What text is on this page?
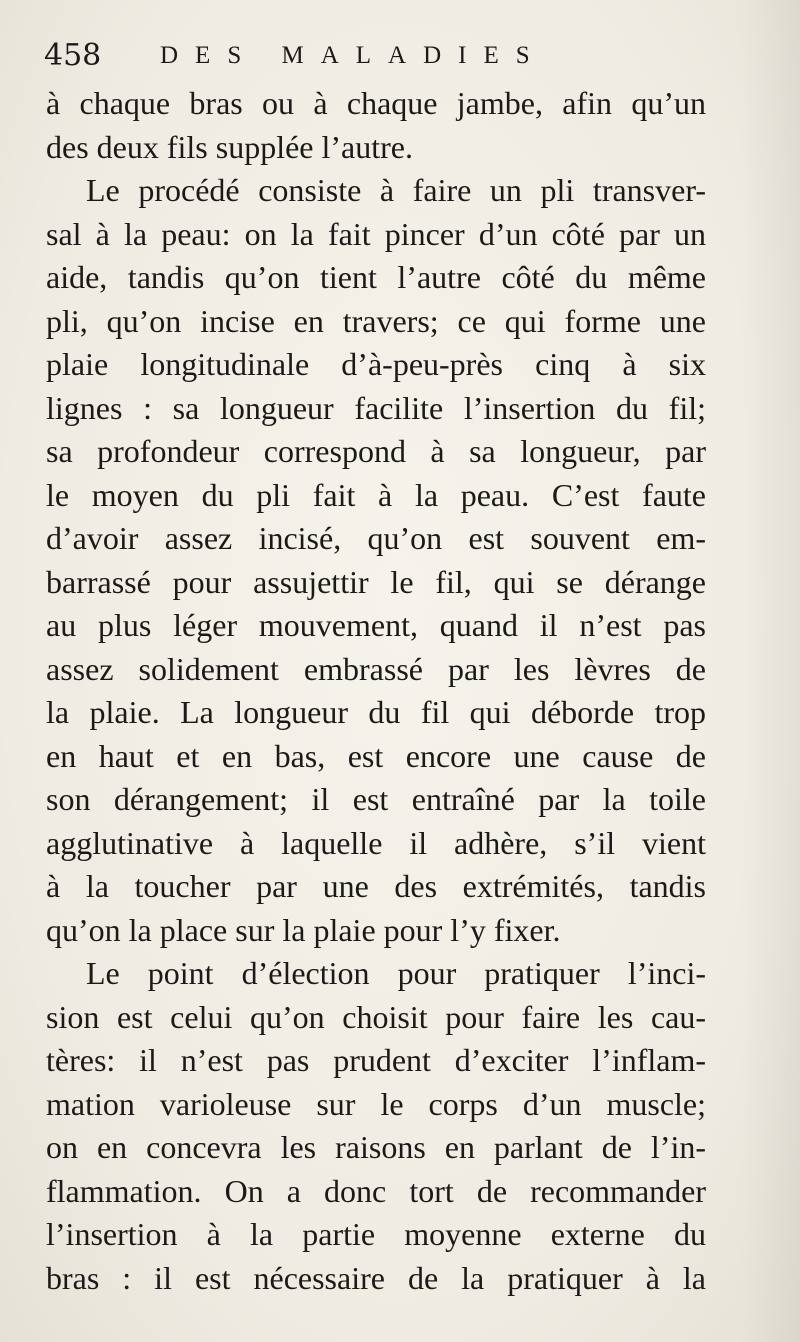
458 DES MALADIES
à chaque bras ou à chaque jambe, afin qu’un
des deux fils supplée l’autre.
Le procédé consiste à faire un pli transver-
sal à la peau: on la fait pincer d’un côté par un
aide, tandis qu’on tient l’autre côté du même
pli, qu’on incise en travers; ce qui forme une
plaie longitudinale d’à-peu-près cinq à six
lignes : sa longueur facilite l’insertion du fil;
sa profondeur correspond à sa longueur, par
le moyen du pli fait à la peau. C’est faute
d’avoir assez incisé, qu’on est souvent em-
barrassé pour assujettir le fil, qui se dérange
au plus léger mouvement, quand il n’est pas
assez solidement embrassé par les lèvres de
la plaie. La longueur du fil qui déborde trop
en haut et en bas, est encore une cause de
son dérangement; il est entraîné par la toile
agglutinative à laquelle il adhère, s’il vient
à la toucher par une des extrémités, tandis
qu’on la place sur la plaie pour l’y fixer.
Le point d’élection pour pratiquer l’inci-
sion est celui qu’on choisit pour faire les cau-
tères: il n’est pas prudent d’exciter l’inflam-
mation varioleuse sur le corps d’un muscle;
on en concevra les raisons en parlant de l’in-
flammation. On a donc tort de recommander
l’insertion à la partie moyenne externe du
bras : il est nécessaire de la pratiquer à la
